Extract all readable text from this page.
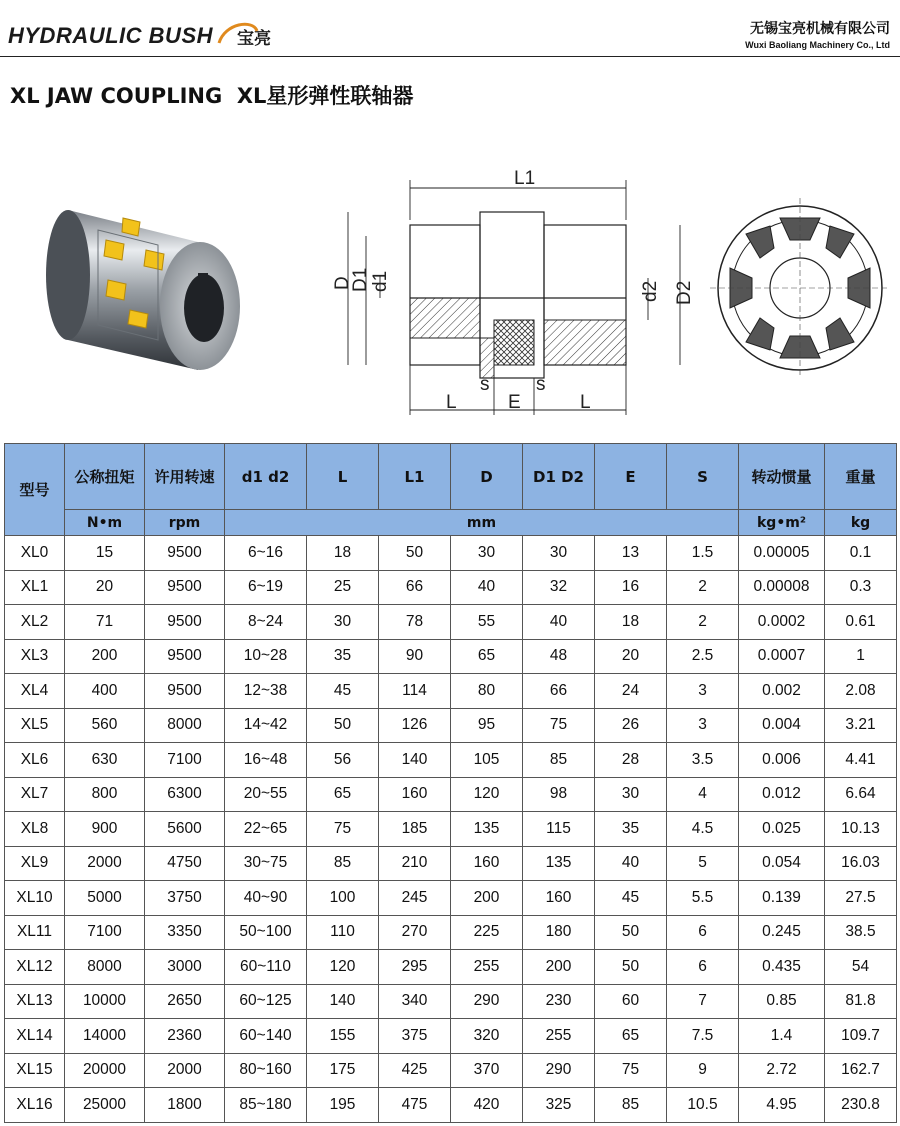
HYDRAULIC BUSH 宝亮	无锡宝亮机械有限公司
Wuxi Baoliang Machinery Co., Ltd
XL JAW COUPLING  XL星形弹性联轴器
L1
D
D1 d1	d2 D2
L	E	L
s s
型号	公称扭矩	许用转速	d1 d2	L	L1	D	D1 D2	E	S	转动惯量	重量
	N•m	rpm	mm							kg•m²	kg
XL0	15	9500	6~16	18	50	30	30	13	1.5	0.00005	0.1
XL1	20	9500	6~19	25	66	40	32	16	2	0.00008	0.3
XL2	71	9500	8~24	30	78	55	40	18	2	0.0002	0.61
XL3	200	9500	10~28	35	90	65	48	20	2.5	0.0007	1
XL4	400	9500	12~38	45	114	80	66	24	3	0.002	2.08
XL5	560	8000	14~42	50	126	95	75	26	3	0.004	3.21
XL6	630	7100	16~48	56	140	105	85	28	3.5	0.006	4.41
XL7	800	6300	20~55	65	160	120	98	30	4	0.012	6.64
XL8	900	5600	22~65	75	185	135	115	35	4.5	0.025	10.13
XL9	2000	4750	30~75	85	210	160	135	40	5	0.054	16.03
XL10	5000	3750	40~90	100	245	200	160	45	5.5	0.139	27.5
XL11	7100	3350	50~100	110	270	225	180	50	6	0.245	38.5
XL12	8000	3000	60~110	120	295	255	200	50	6	0.435	54
XL13	10000	2650	60~125	140	340	290	230	60	7	0.85	81.8
XL14	14000	2360	60~140	155	375	320	255	65	7.5	1.4	109.7
XL15	20000	2000	80~160	175	425	370	290	75	9	2.72	162.7
XL16	25000	1800	85~180	195	475	420	325	85	10.5	4.95	230.8
